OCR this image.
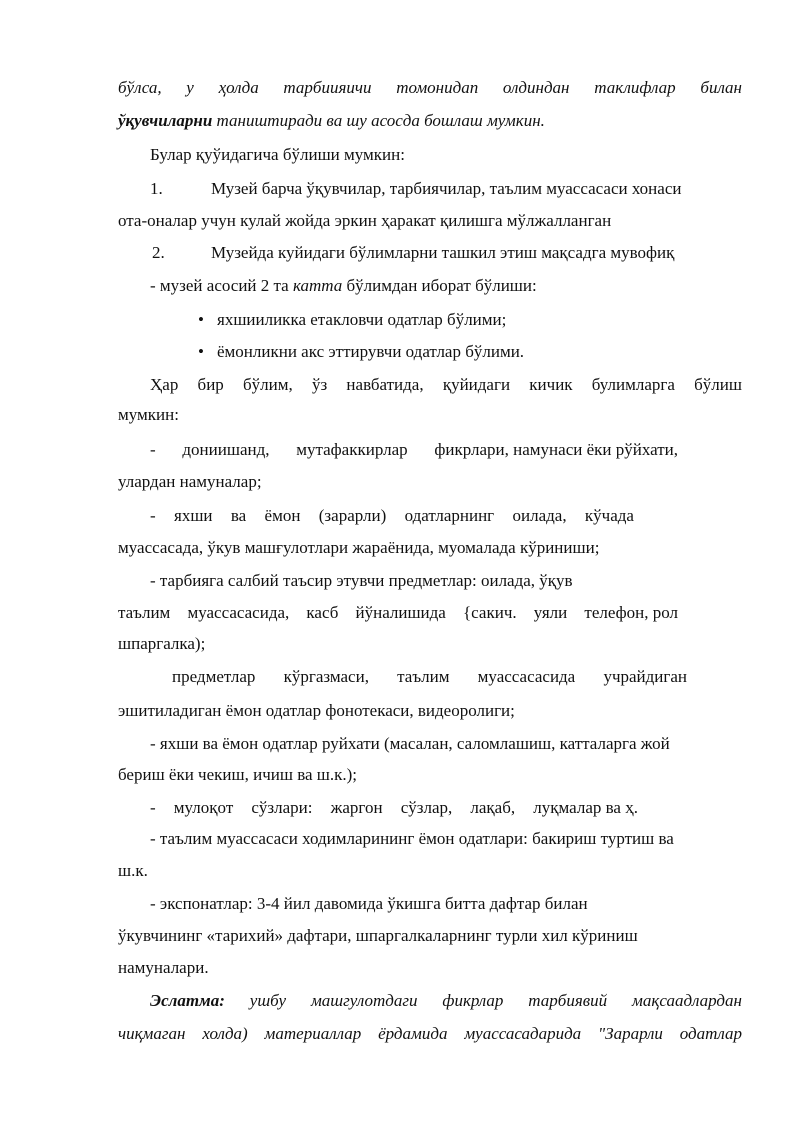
бўлса, у ҳолда тарбиияичи томонидап олдиндан таклифлар билан
ўқувчиларни таништиради ва шу асосда бошлаш мумкин.
Булар қуўидагича бўлиши мумкин:
1.	Музей барча ўқувчилар, тарбиячилар, таълим муассасаси хонаси
ота-оналар учун кулай жойда эркин ҳаракат қилишга мўлжалланган
2.	Музейда куйидаги бўлимларни ташкил этиш мақсадга мувофиқ
- музей асосий 2 та катта бўлимдан иборат бўлиши:
• яхшииликка етакловчи одатлар бўлими;
• ёмонликни акс эттирувчи одатлар бўлими.
Ҳар бир бўлим, ўз навбатида, қуйидаги кичик булимларга бўлиш
мумкин:
- дониишанд, мутафаккирлар фикрлари, намунаси ёки рўйхати,
улардан намуналар;
- яхши ва ёмон (зарарли) одатларнинг оилада, кўчада
муассасада, ўкув машғулотлари жараёнида, муомалада кўриниши;
- тарбияга салбий таъсир этувчи предметлар: оилада, ўқув
таълим муассасасида, касб йўналишида {сакич. уяли телефон, рол
шпаргалка);
предметлар кўргазмаси, таълим муассасасида учрайдиган
эшитиладиган ёмон одатлар фонотекаси, видеоролиги;
- яхши ва ёмон одатлар руйхати (масалан, саломлашиш, катталарга жой
бериш ёки чекиш, ичиш ва ш.к.);
- мулоқот сўзлари: жаргон сўзлар, лақаб, луқмалар ва ҳ.
- таълим муассасаси ходимларининг ёмон одатлари: бакириш туртиш ва
ш.к.
- экспонатлар: 3-4 йил давомида ўкишга битта дафтар билан
ўкувчининг «тарихий» дафтари, шпаргалкаларнинг турли хил кўриниш
намуналари.
Эслатма: ушбу машгулотдаги фикрлар тарбиявий мақсаадлардан
чиқмаган холда) материаллар ёрдамида муассасадарида "Зарарли одатлар
